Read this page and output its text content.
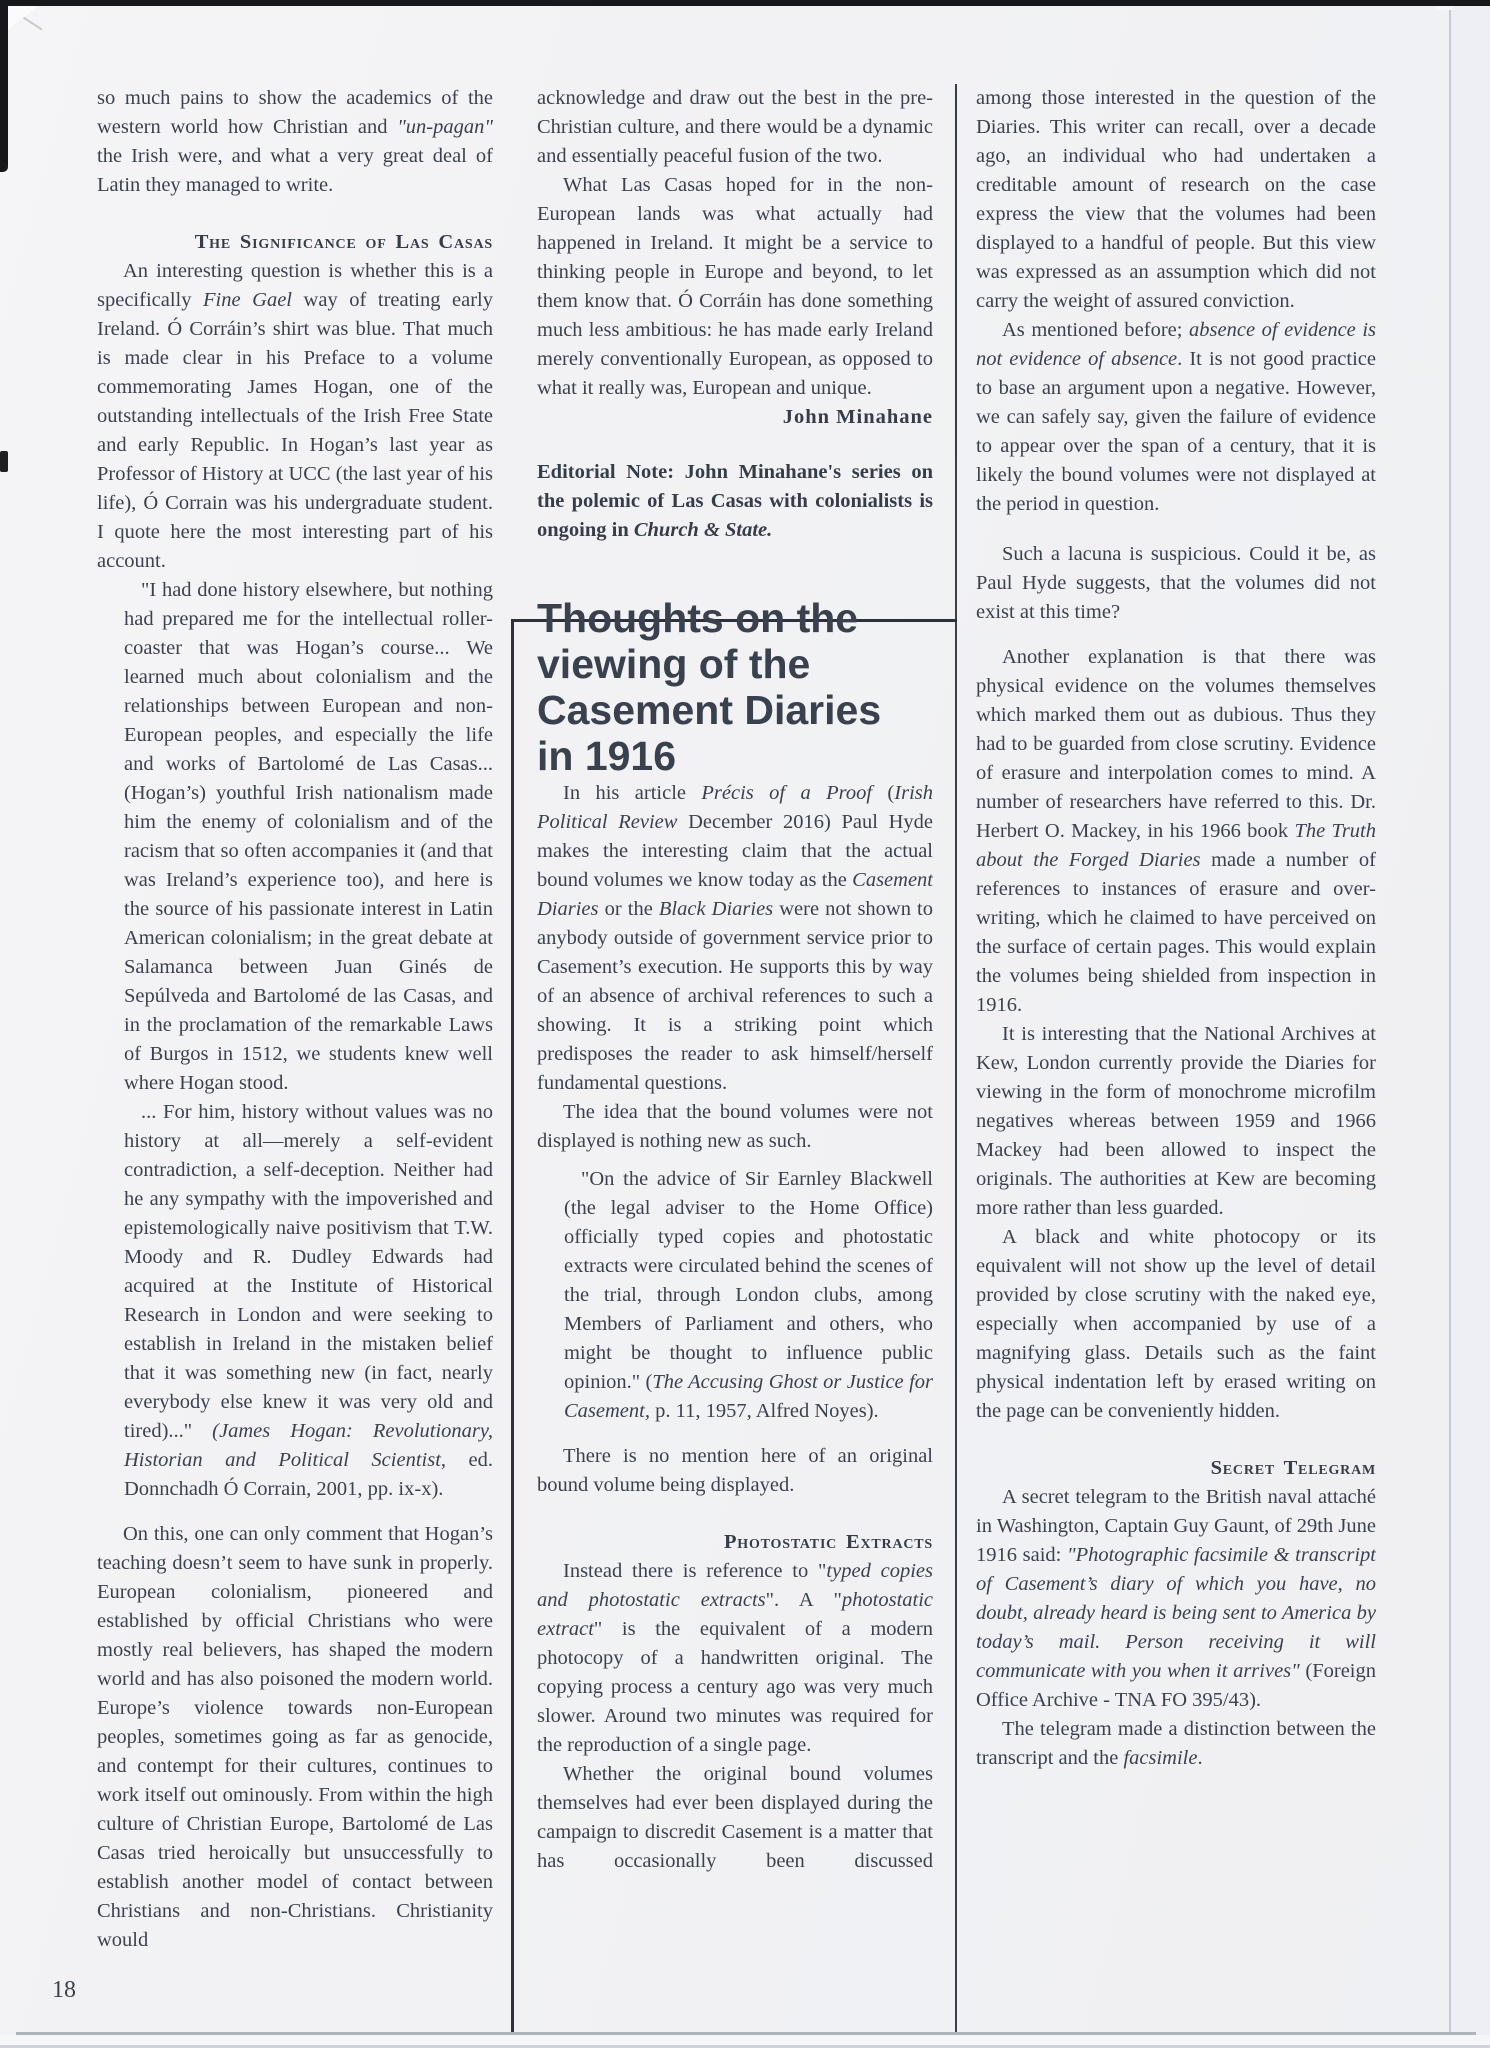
so much pains to show the academics of the western world how Christian and "un-pagan" the Irish were, and what a very great deal of Latin they managed to write.

The Significance of Las Casas

An interesting question is whether this is a specifically Fine Gael way of treating early Ireland. Ó Corráin’s shirt was blue. That much is made clear in his Preface to a volume commemorating James Hogan, one of the outstanding intellectuals of the Irish Free State and early Republic. In Hogan’s last year as Professor of History at UCC (the last year of his life), Ó Corrain was his undergraduate student. I quote here the most interesting part of his account.

"I had done history elsewhere, but nothing had prepared me for the intellectual roller-coaster that was Hogan’s course... We learned much about colonialism and the relationships between European and non-European peoples, and especially the life and works of Bartolomé de Las Casas... (Hogan’s) youthful Irish nationalism made him the enemy of colonialism and of the racism that so often accompanies it (and that was Ireland’s experience too), and here is the source of his passionate interest in Latin American colonialism; in the great debate at Salamanca between Juan Ginés de Sepúlveda and Bartolomé de las Casas, and in the proclamation of the remarkable Laws of Burgos in 1512, we students knew well where Hogan stood.

... For him, history without values was no history at all—merely a self-evident contradiction, a self-deception. Neither had he any sympathy with the impoverished and epistemologically naive positivism that T.W. Moody and R. Dudley Edwards had acquired at the Institute of Historical Research in London and were seeking to establish in Ireland in the mistaken belief that it was something new (in fact, nearly everybody else knew it was very old and tired)..." (James Hogan: Revolutionary, Historian and Political Scientist, ed. Donnchadh Ó Corrain, 2001, pp. ix-x).

On this, one can only comment that Hogan’s teaching doesn’t seem to have sunk in properly. European colonialism, pioneered and established by official Christians who were mostly real believers, has shaped the modern world and has also poisoned the modern world. Europe’s violence towards non-European peoples, sometimes going as far as genocide, and contempt for their cultures, continues to work itself out ominously. From within the high culture of Christian Europe, Bartolomé de Las Casas tried heroically but unsuccessfully to establish another model of contact between Christians and non-Christians. Christianity would

acknowledge and draw out the best in the pre-Christian culture, and there would be a dynamic and essentially peaceful fusion of the two.

What Las Casas hoped for in the non-European lands was what actually had happened in Ireland. It might be a service to thinking people in Europe and beyond, to let them know that. Ó Corráin has done something much less ambitious: he has made early Ireland merely conventionally European, as opposed to what it really was, European and unique.

John Minahane

Editorial Note: John Minahane's series on the polemic of Las Casas with colonialists is ongoing in Church & State.

Thoughts on the
viewing of the
Casement Diaries
in 1916

In his article Précis of a Proof (Irish Political Review December 2016) Paul Hyde makes the interesting claim that the actual bound volumes we know today as the Casement Diaries or the Black Diaries were not shown to anybody outside of government service prior to Casement’s execution. He supports this by way of an absence of archival references to such a showing. It is a striking point which predisposes the reader to ask himself/herself fundamental questions.

The idea that the bound volumes were not displayed is nothing new as such.

"On the advice of Sir Earnley Blackwell (the legal adviser to the Home Office) officially typed copies and photostatic extracts were circulated behind the scenes of the trial, through London clubs, among Members of Parliament and others, who might be thought to influence public opinion." (The Accusing Ghost or Justice for Casement, p. 11, 1957, Alfred Noyes).

There is no mention here of an original bound volume being displayed.

Photostatic Extracts

Instead there is reference to "typed copies and photostatic extracts". A "photostatic extract" is the equivalent of a modern photocopy of a handwritten original. The copying process a century ago was very much slower. Around two minutes was required for the reproduction of a single page.

Whether the original bound volumes themselves had ever been displayed during the campaign to discredit Casement is a matter that has occasionally been discussed

among those interested in the question of the Diaries. This writer can recall, over a decade ago, an individual who had undertaken a creditable amount of research on the case express the view that the volumes had been displayed to a handful of people. But this view was expressed as an assumption which did not carry the weight of assured conviction.

As mentioned before; absence of evidence is not evidence of absence. It is not good practice to base an argument upon a negative. However, we can safely say, given the failure of evidence to appear over the span of a century, that it is likely the bound volumes were not displayed at the period in question.

Such a lacuna is suspicious. Could it be, as Paul Hyde suggests, that the volumes did not exist at this time?

Another explanation is that there was physical evidence on the volumes themselves which marked them out as dubious. Thus they had to be guarded from close scrutiny. Evidence of erasure and interpolation comes to mind. A number of researchers have referred to this. Dr. Herbert O. Mackey, in his 1966 book The Truth about the Forged Diaries made a number of references to instances of erasure and over-writing, which he claimed to have perceived on the surface of certain pages. This would explain the volumes being shielded from inspection in 1916.

It is interesting that the National Archives at Kew, London currently provide the Diaries for viewing in the form of monochrome microfilm negatives whereas between 1959 and 1966 Mackey had been allowed to inspect the originals. The authorities at Kew are becoming more rather than less guarded.

A black and white photocopy or its equivalent will not show up the level of detail provided by close scrutiny with the naked eye, especially when accompanied by use of a magnifying glass. Details such as the faint physical indentation left by erased writing on the page can be conveniently hidden.

Secret Telegram

A secret telegram to the British naval attaché in Washington, Captain Guy Gaunt, of 29th June 1916 said: "Photographic facsimile & transcript of Casement’s diary of which you have, no doubt, already heard is being sent to America by today’s mail. Person receiving it will communicate with you when it arrives" (Foreign Office Archive - TNA FO 395/43).

The telegram made a distinction between the transcript and the facsimile.

18
